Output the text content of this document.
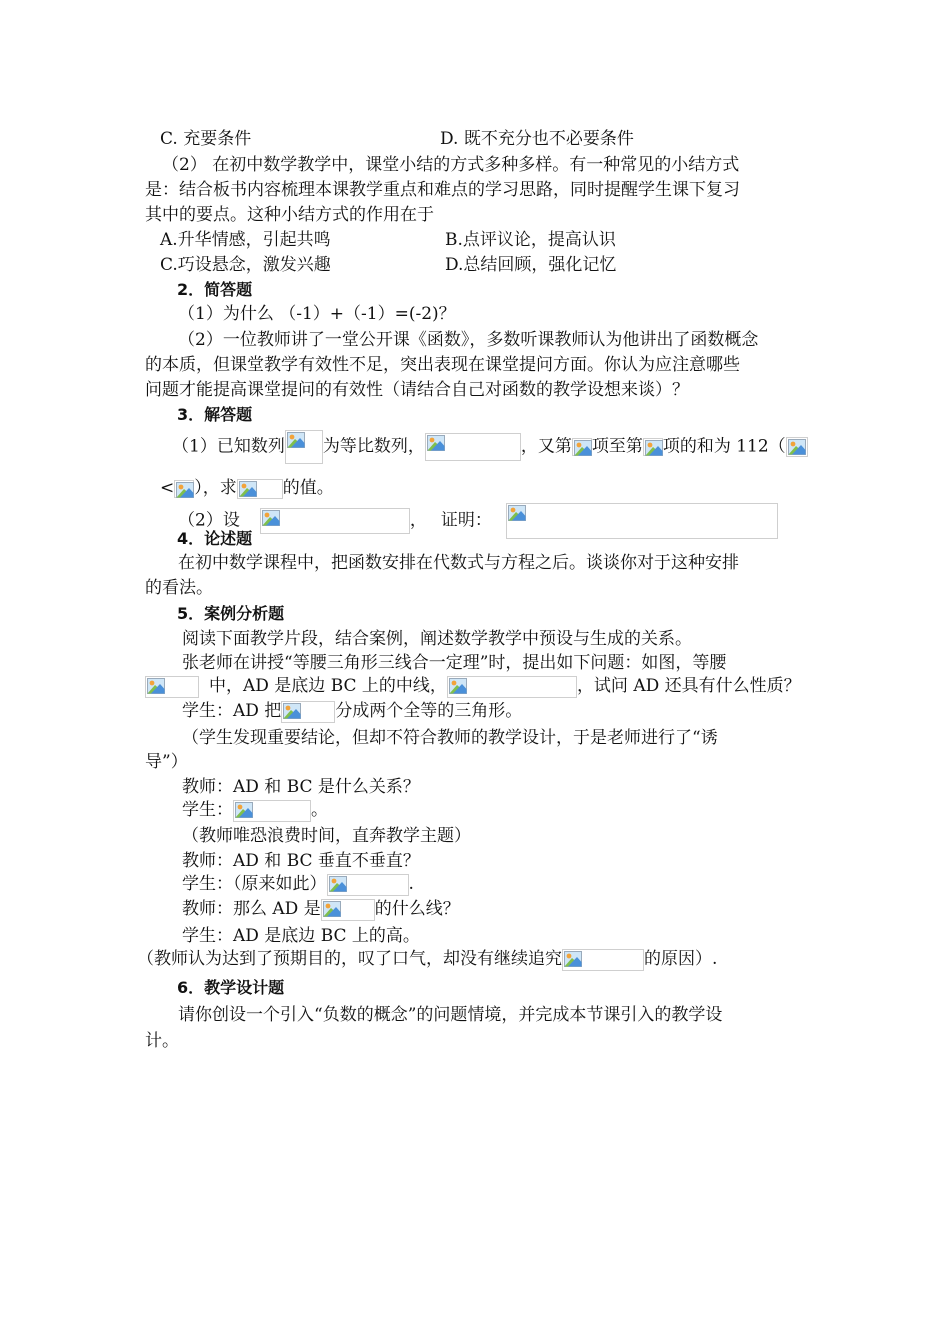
C. 充要条件	D. 既不充分也不必要条件
（2） 在初中数学教学中，课堂小结的方式多种多样。有一种常见的小结方式
是：结合板书内容梳理本课教学重点和难点的学习思路，同时提醒学生课下复习
其中的要点。这种小结方式的作用在于
A.升华情感，引起共鸣	B.点评议论，提高认识
C.巧设悬念，激发兴趣	D.总结回顾，强化记忆
2．简答题
（1）为什么 （-1）+（-1）=(-2)？
（2）一位教师讲了一堂公开课《函数》，多数听课教师认为他讲出了函数概念
的本质，但课堂教学有效性不足，突出表现在课堂提问方面。你认为应注意哪些
问题才能提高课堂提问的有效性（请结合自己对函数的教学设想来谈）？
3．解答题
（1）已知数列 为等比数列，	，又第 项至第 项的和为 112（
< ），求	的值。
（2）设	， 证明：
4．论述题
在初中数学课程中，把函数安排在代数式与方程之后。谈谈你对于这种安排
的看法。
5．案例分析题
阅读下面教学片段，结合案例，阐述数学教学中预设与生成的关系。
张老师在讲授“等腰三角形三线合一定理”时，提出如下问题：如图，等腰
中，AD 是底边 BC 上的中线，	，试问 AD 还具有什么性质？
学生：AD 把	分成两个全等的三角形。
（学生发现重要结论，但却不符合教师的教学设计，于是老师进行了“诱
导”）
教师：AD 和 BC 是什么关系？
学生：	。
（教师唯恐浪费时间，直奔教学主题）
教师：AD 和 BC 垂直不垂直？
学生：（原来如此）	.
教师：那么 AD 是	的什么线？
学生：AD 是底边 BC 上的高。
（教师认为达到了预期目的，叹了口气，却没有继续追究	的原因）.
6．教学设计题
请你创设一个引入“负数的概念”的问题情境，并完成本节课引入的教学设
计。
